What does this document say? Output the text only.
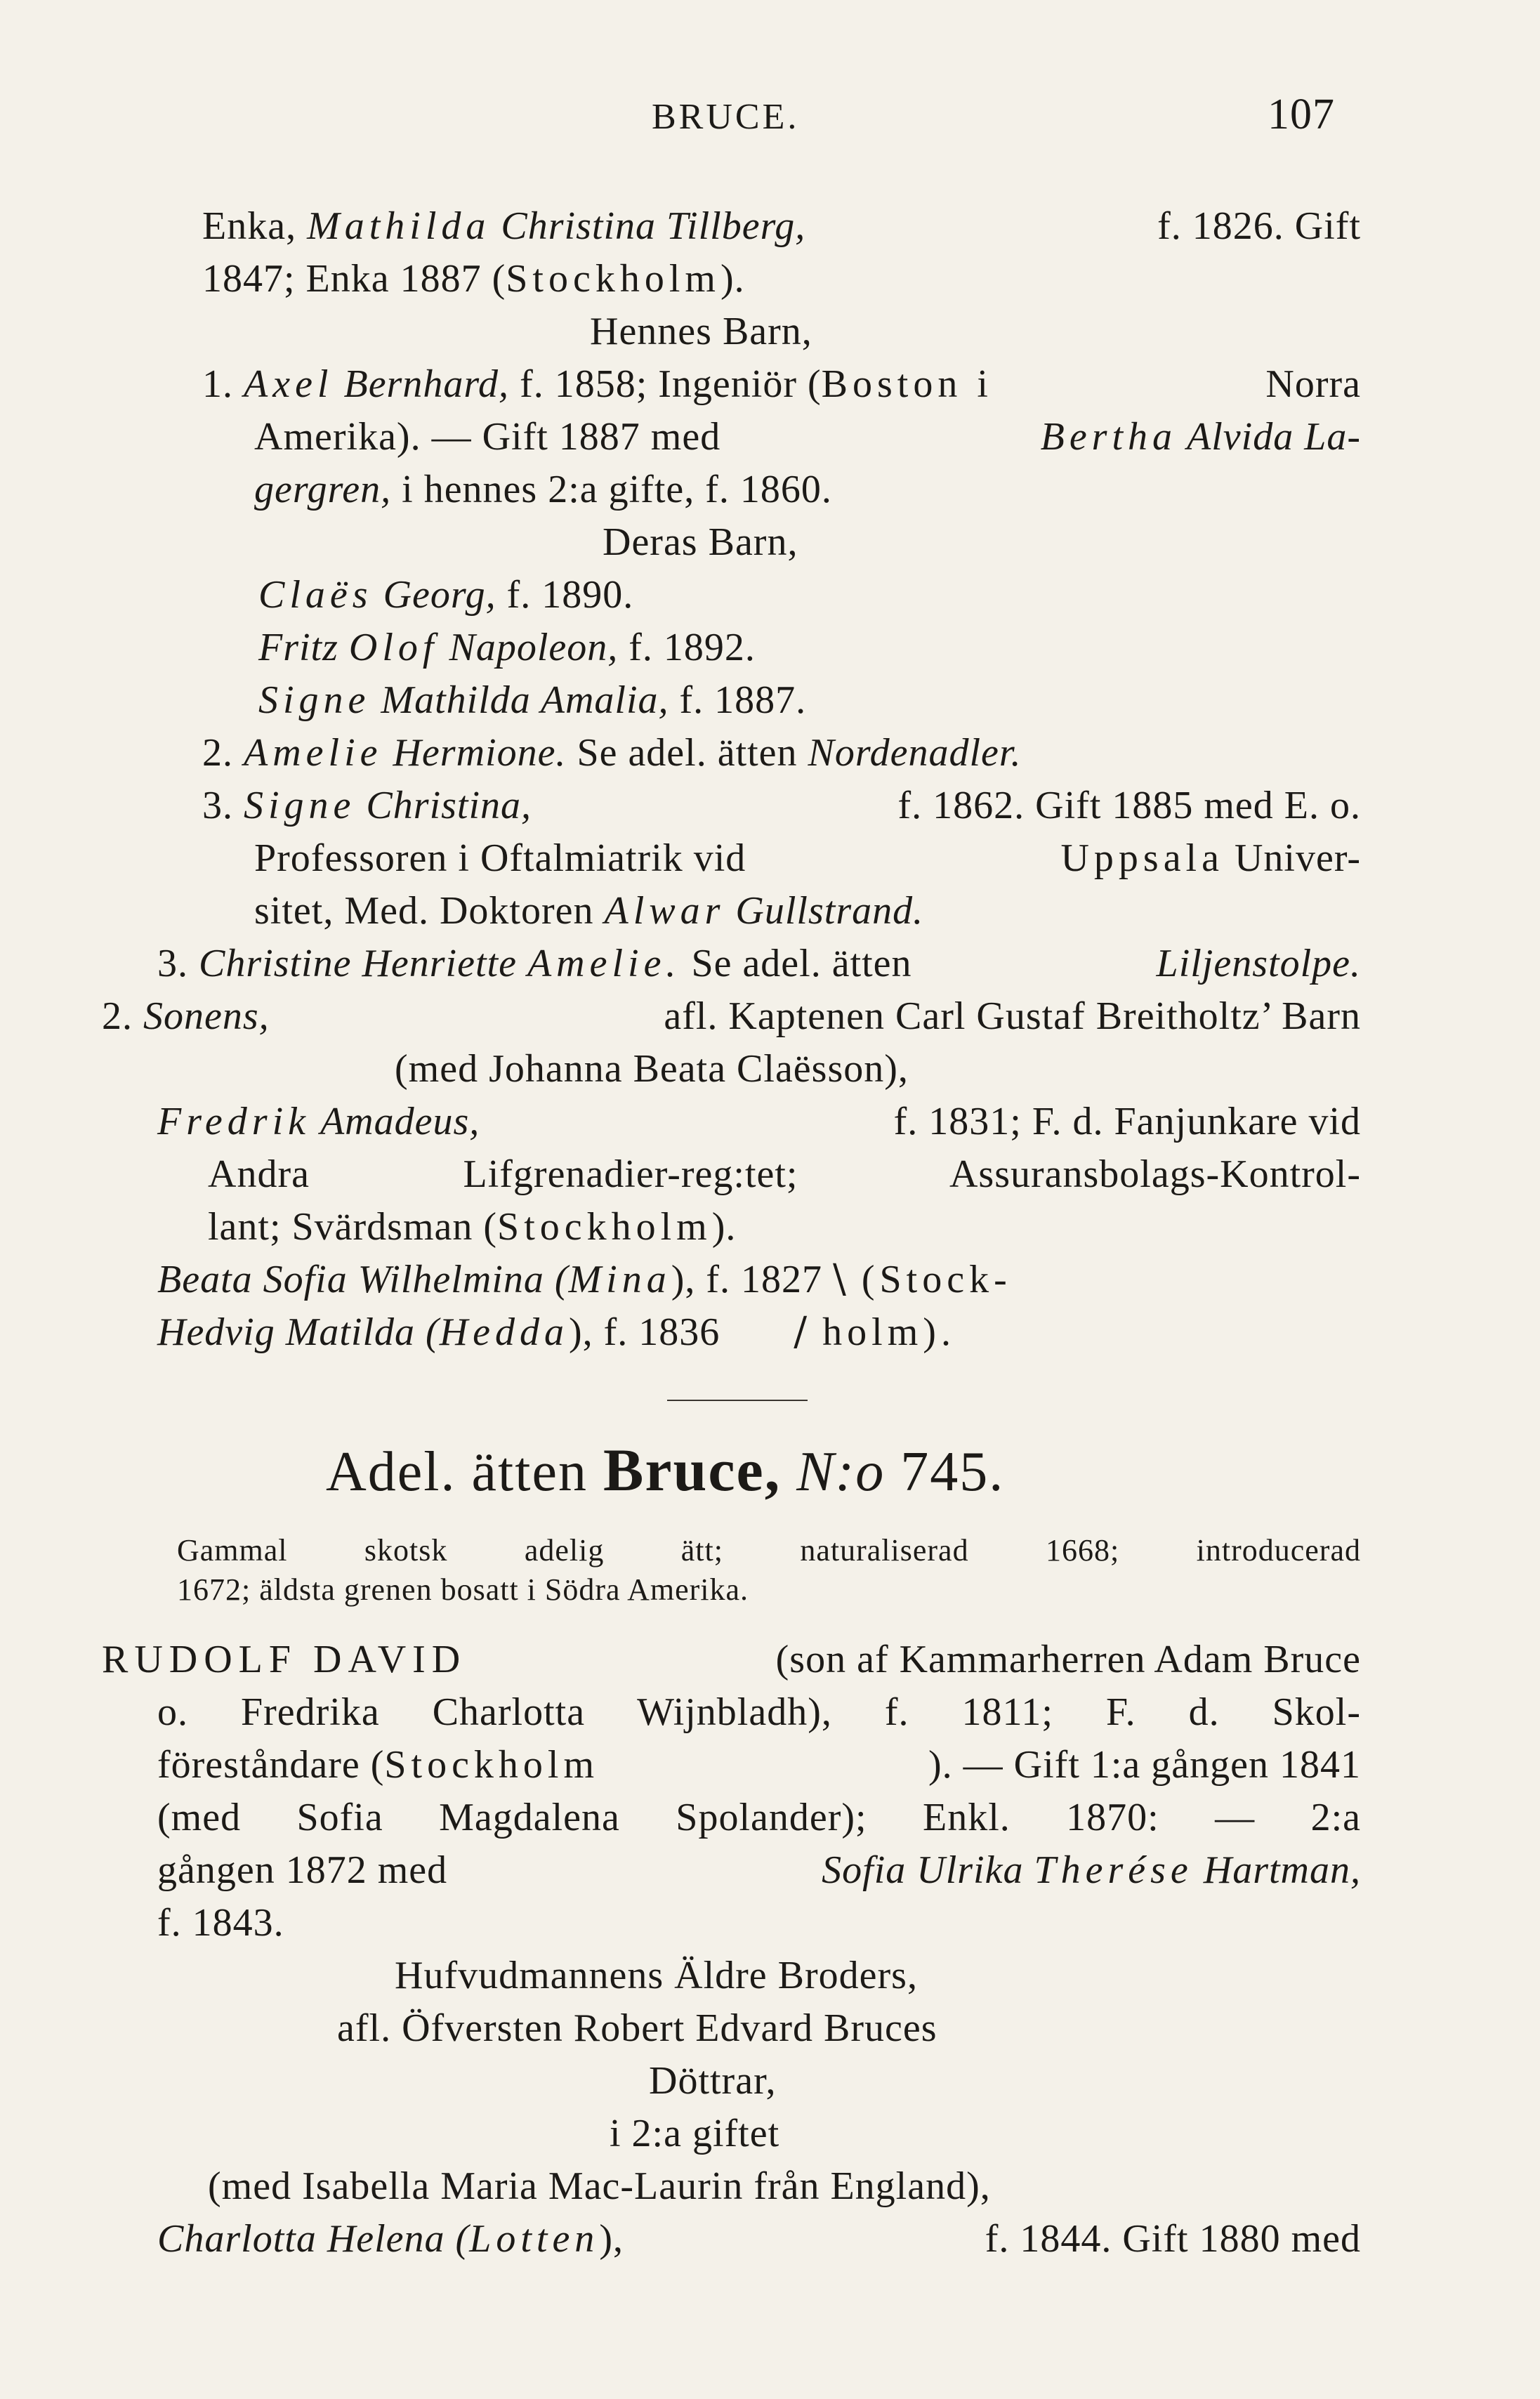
BRUCE.	107
Enka, Mathilda Christina Tillberg,	f. 1826. Gift
1847; Enka 1887 (Stockholm).
Hennes Barn,
1. Axel Bernhard, f. 1858; Ingeniör (Boston i	Norra
Amerika). — Gift 1887 med	Bertha Alvida La-
gergren, i hennes 2:a gifte, f. 1860.
Deras Barn,
Claës Georg, f. 1890.
Fritz Olof Napoleon, f. 1892.
Signe Mathilda Amalia, f. 1887.
2. Amelie Hermione. Se adel. ätten Nordenadler.
3. Signe Christina,	f. 1862. Gift 1885 med E. o.
Professoren i Oftalmiatrik vid	Uppsala Univer-
sitet, Med. Doktoren Alwar Gullstrand.
3. Christine Henriette Amelie. Se adel. ätten	Liljenstolpe.
2. Sonens,	afl. Kaptenen Carl Gustaf Breitholtz’ Barn
(med Johanna Beata Claësson),
Fredrik Amadeus,	f. 1831; F. d. Fanjunkare vid
Andra Lifgrenadier-reg:tet; Assuransbolags-Kontrol-
lant; Svärdsman (Stockholm).
Beata Sofia Wilhelmina (Mina), f. 1827 \ (Stock-
Hedvig Matilda (Hedda), f. 1836 / holm).
Adel. ätten Bruce, N:o 745.
Gammal skotsk adelig ätt; naturaliserad 1668; introducerad
1672; äldsta grenen bosatt i Södra Amerika.
RUDOLF DAVID	(son af Kammarherren Adam Bruce
o. Fredrika Charlotta Wijnbladh), f. 1811; F. d. Skol-
föreståndare (Stockholm	). — Gift 1:a gången 1841
(med Sofia Magdalena Spolander); Enkl. 1870: — 2:a
gången 1872 med	Sofia Ulrika Therése Hartman,
f. 1843.
Hufvudmannens Äldre Broders,
afl. Öfversten Robert Edvard Bruces
Döttrar,
i 2:a giftet
(med Isabella Maria Mac-Laurin från England),
Charlotta Helena (Lotten),	f. 1844. Gift 1880 med
